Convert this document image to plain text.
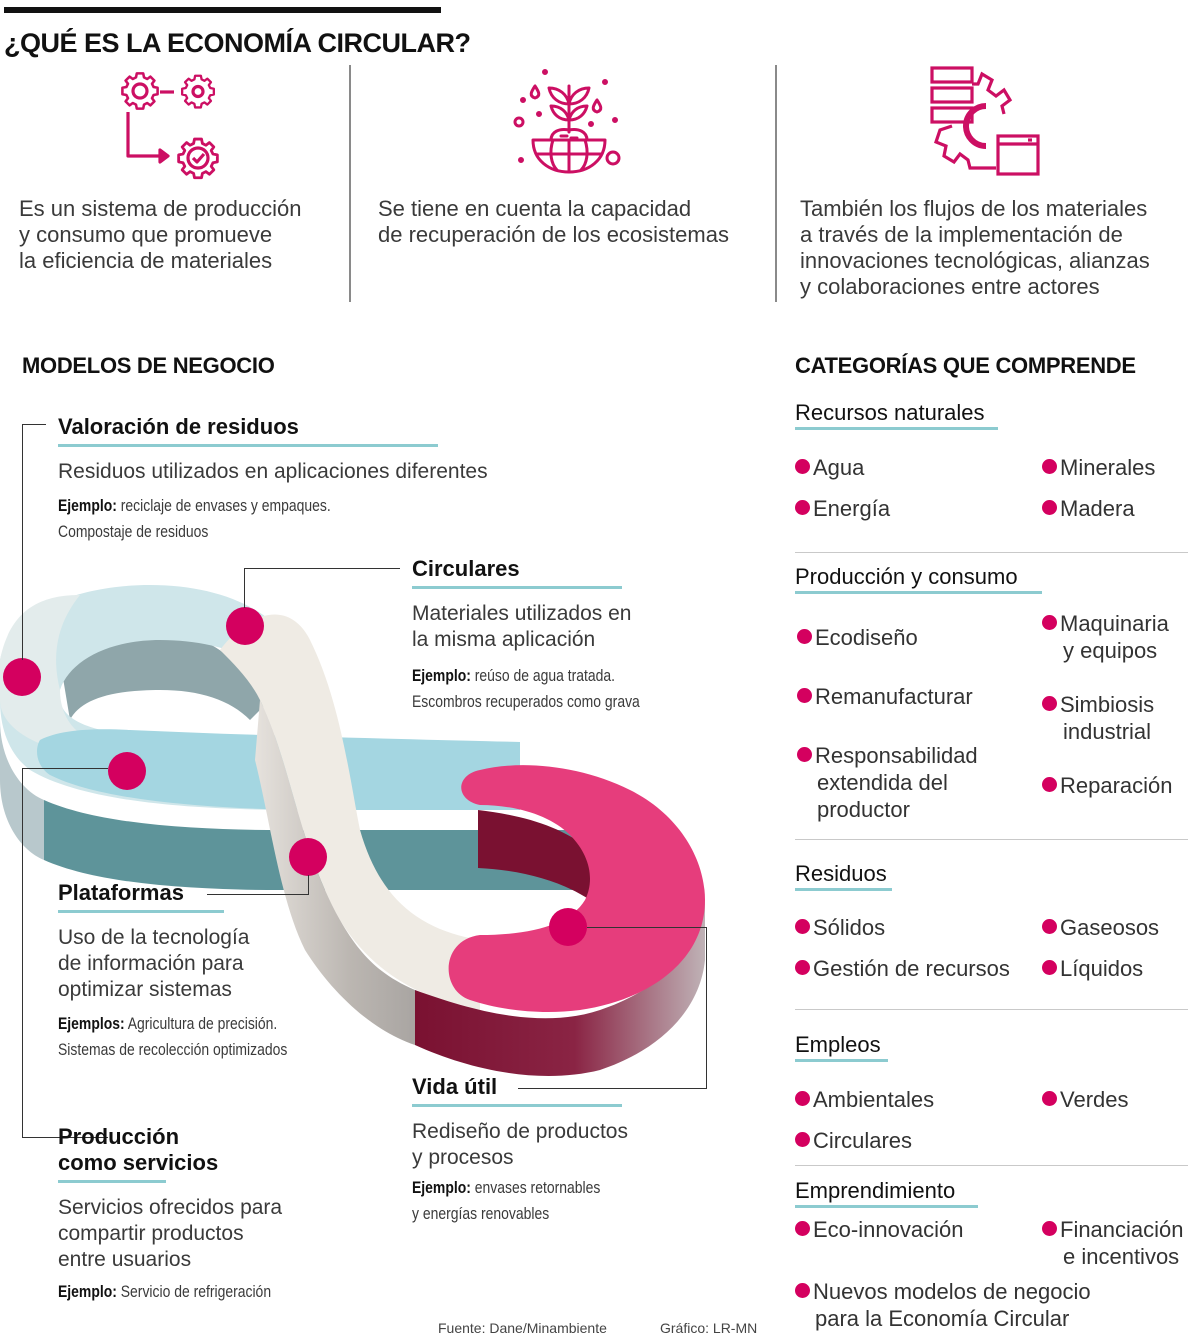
¿QUÉ ES LA ECONOMÍA CIRCULAR?
Es un sistema de producción
y consumo que promueve
la eficiencia de materiales
Se tiene en cuenta la capacidad
de recuperación de los ecosistemas
También los flujos de los materiales
a través de la implementación de
innovaciones tecnológicas, alianzas
y colaboraciones entre actores
MODELOS DE NEGOCIO	CATEGORÍAS QUE COMPRENDE
Valoración de residuos
Residuos utilizados en aplicaciones diferentes
Ejemplo: reciclaje de envases y empaques.
Compostaje de residuos
Circulares
Materiales utilizados en
la misma aplicación
Ejemplo: reúso de agua tratada.
Escombros recuperados como grava
Plataformas
Uso de la tecnología
de información para
optimizar sistemas
Ejemplos: Agricultura de precisión.
Sistemas de recolección optimizados
Vida útil
Rediseño de productos
y procesos
Ejemplo: envases retornables
y energías renovables
Producción
como servicios
Servicios ofrecidos para
compartir productos
entre usuarios
Ejemplo: Servicio de refrigeración
Recursos naturales
Agua
Energía
Minerales
Madera
Producción y consumo
Ecodiseño
Remanufacturar
Responsabilidad
extendida del
productor
Maquinaria
y equipos
Simbiosis
industrial
Reparación
Residuos
Sólidos
Gestión de recursos
Gaseosos
Líquidos
Empleos
Ambientales
Circulares
Verdes
Emprendimiento
Eco-innovación
Nuevos modelos de negocio
para la Economía Circular
Financiación
e incentivos
Fuente: Dane/Minambiente	Gráfico: LR-MN
